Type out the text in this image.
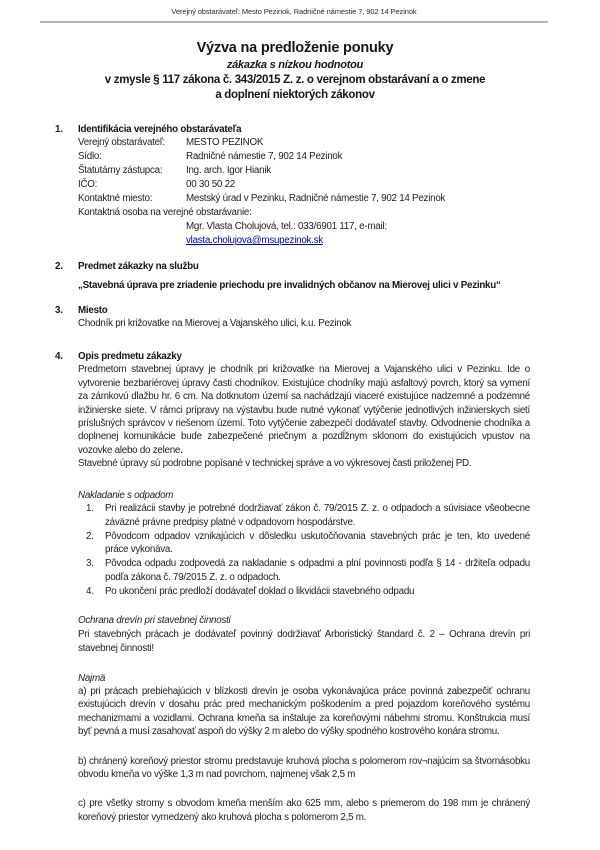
Verejný obstarávateľ: Mesto Pezinok, Radničné námestie 7, 902 14 Pezinok
Výzva na predloženie ponuky
zákazka s nízkou hodnotou
v zmysle § 117 zákona č. 343/2015 Z. z. o verejnom obstarávaní a o zmene
a doplnení niektorých zákonov
1.	Identifikácia verejného obstarávateľa
Verejný obstarávateľ:	MESTO PEZINOK
Sídlo:	Radničné námestie 7, 902 14 Pezinok
Štatutárny zástupca:	Ing. arch. Igor Hianik
IČO:	00 30 50 22
Kontaktné miesto:	Mestský úrad v Pezinku, Radničné námestie 7, 902 14 Pezinok
Kontaktná osoba na verejné obstarávanie:
Mgr. Vlasta Cholujová, tel.: 033/6901 117, e-mail:
vlasta.cholujova@msupezinok.sk
2.	Predmet zákazky na službu
„Stavebná úprava pre zriadenie priechodu pre invalidných občanov na Mierovej ulici v Pezinku“
3.	Miesto
Chodník pri križovatke na Mierovej a Vajanského ulici, k.u. Pezinok
4.	Opis predmetu zákazky
Predmetom stavebnej úpravy je chodník pri križovatke na Mierovej a Vajanského ulici v Pezinku. Ide o vytvorenie bezbariérovej úpravy časti chodníkov. Existujúce chodníky majú asfaltový povrch, ktorý sa vymení za zámkovú dlažbu hr. 6 cm. Na dotknutom území sa nachádzajú viaceré existujúce nadzemné a podzemné inžinierske siete. V rámci prípravy na výstavbu bude nutné vykonať vytýčenie jednotlivých inžinierskych sietí príslušných správcov v riešenom území. Toto vytýčenie zabezpečí dodávateľ stavby. Odvodnenie chodníka a doplnenej komunikácie bude zabezpečené priečnym a pozdĺžnym sklonom do existujúcich vpustov na vozovke alebo do zelene.
Stavebné úpravy sú podrobne popísané v technickej správe a vo výkresovej časti priloženej PD.
Nakladanie s odpadom
1.	Pri realizácii stavby je potrebné dodržiavať zákon č. 79/2015 Z. z. o odpadoch a súvisiace všeobecne záväzné právne predpisy platné v odpadovom hospodárstve.
2.	Pôvodcom odpadov vznikajúcich v dôsledku uskutočňovania stavebných prác je ten, kto uvedené práce vykonáva.
3.	Pôvodca odpadu zodpovedá za nakladanie s odpadmi a plní povinnosti podľa § 14 - držiteľa odpadu podľa zákona č. 79/2015 Z. z. o odpadoch.
4.	Po ukončení prác predloží dodávateľ doklad o likvidácii stavebného odpadu
Ochrana drevín pri stavebnej činnosti
Pri stavebných prácach je dodávateľ povinný dodržiavať Arboristický štandard č. 2 – Ochrana drevín pri stavebnej činnosti!
Najmä
a) pri prácach prebiehajúcich v blízkosti drevín je osoba vykonávajúca práce povinná zabezpečiť ochranu existujúcich drevín v dosahu prác pred mechanickým poškodením a pred pojazdom koreňového systému mechanizmami a vozidlami. Ochrana kmeňa sa inštaluje za koreňovými nábehmi stromu. Konštrukcia musí byť pevná a musí zasahovať aspoň do výšky 2 m alebo do výšky spodného kostrového konára stromu.
b) chránený koreňový priestor stromu predstavuje kruhová plocha s polomerom rov¬najúcim sa štvornásobku obvodu kmeňa vo výške 1,3 m nad povrchom, najmenej však 2,5 m
c) pre všetky stromy s obvodom kmeňa menším ako 625 mm, alebo s priemerom do 198 mm je chránený koreňový priestor vymedzený ako kruhová plocha s polomerom 2,5 m.
